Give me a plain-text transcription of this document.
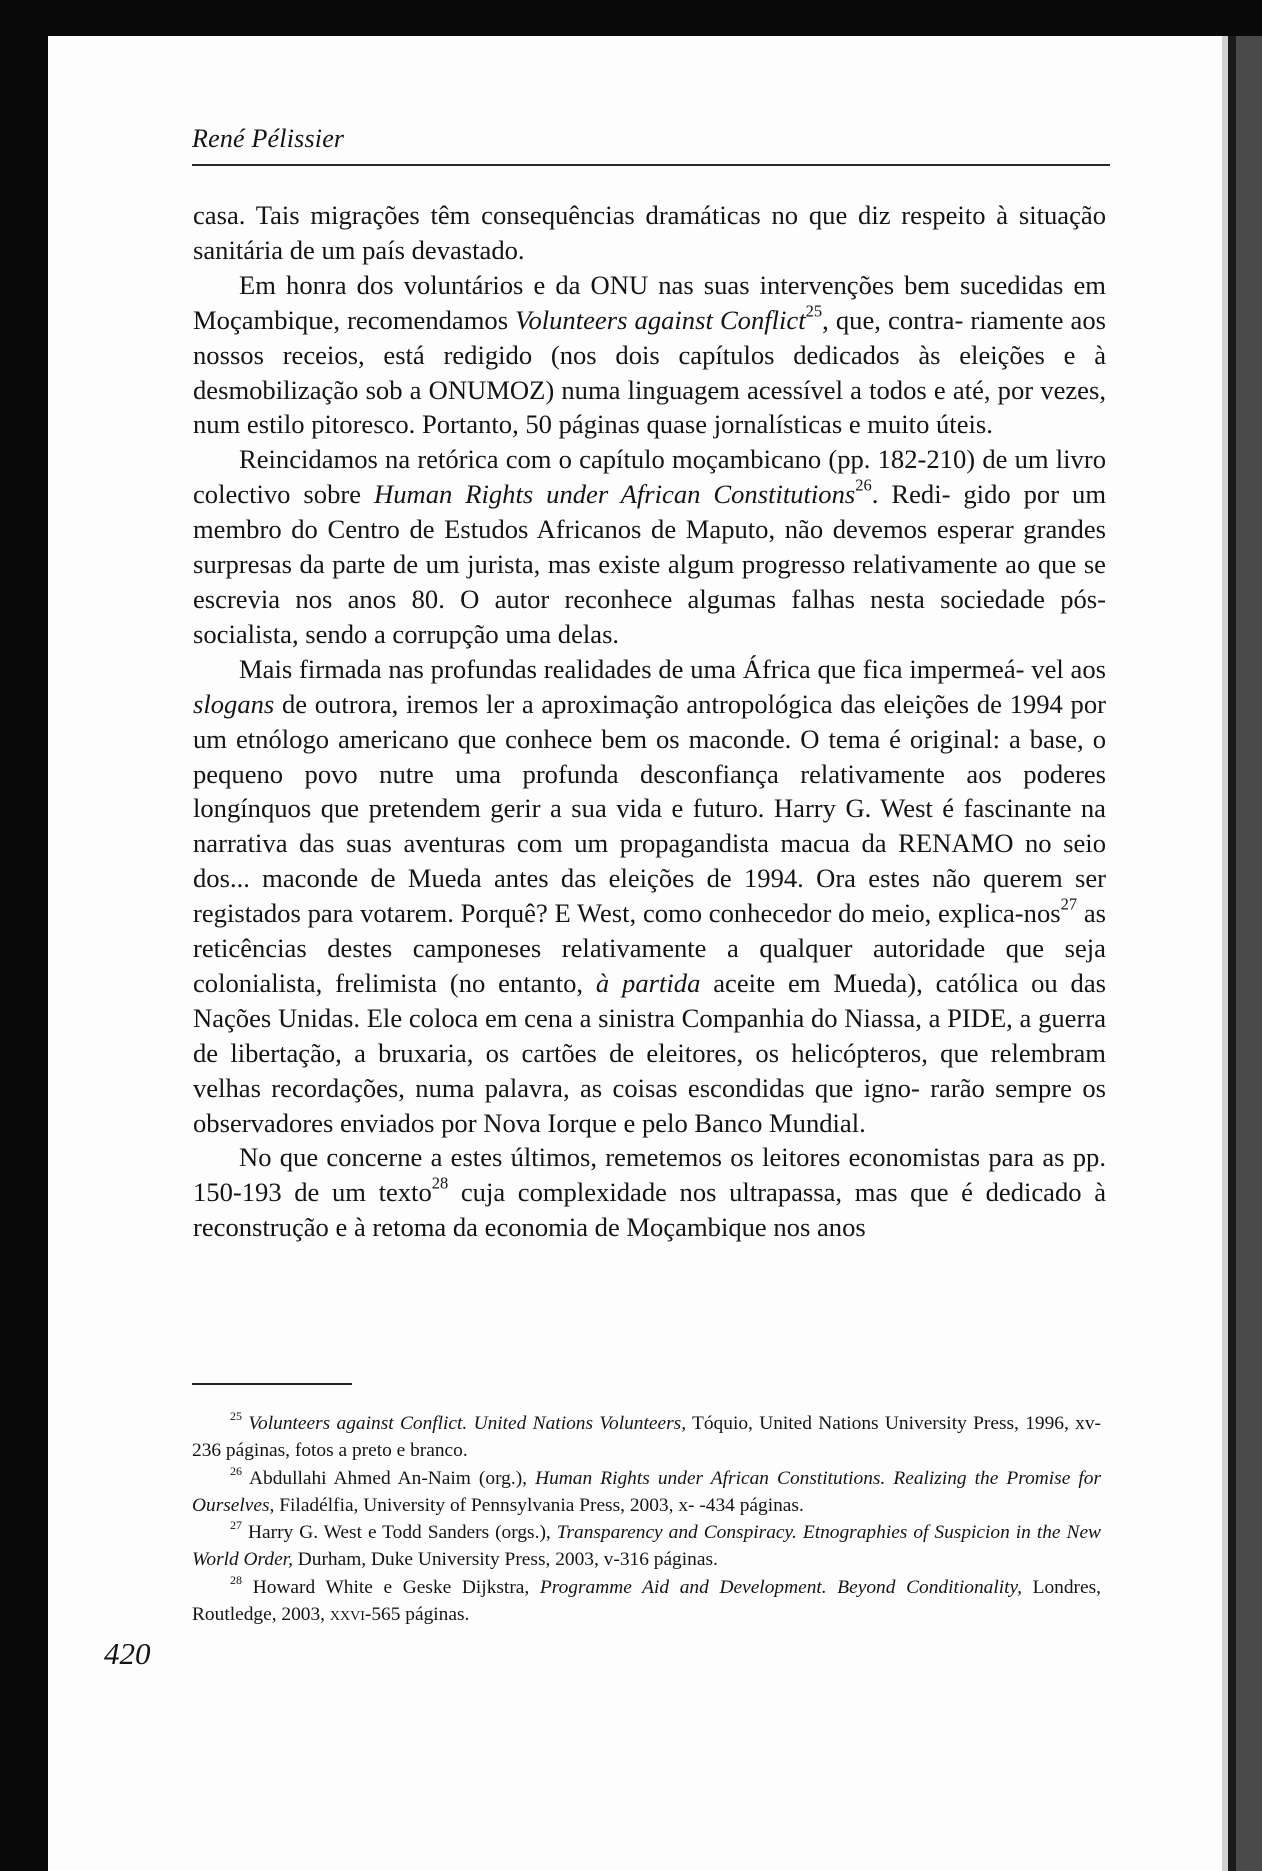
René Pélissier

casa. Tais migrações têm consequências dramáticas no que diz respeito à situação sanitária de um país devastado.

Em honra dos voluntários e da ONU nas suas intervenções bem sucedidas em Moçambique, recomendamos Volunteers against Conflict$^{25}$, que, contra- riamente aos nossos receios, está redigido (nos dois capítulos dedicados às eleições e à desmobilização sob a ONUMOZ) numa linguagem acessível a todos e até, por vezes, num estilo pitoresco. Portanto, 50 páginas quase jornalísticas e muito úteis.

Reincidamos na retórica com o capítulo moçambicano (pp. 182-210) de um livro colectivo sobre Human Rights under African Constitutions$^{26}$. Redi- gido por um membro do Centro de Estudos Africanos de Maputo, não devemos esperar grandes surpresas da parte de um jurista, mas existe algum progresso relativamente ao que se escrevia nos anos 80. O autor reconhece algumas falhas nesta sociedade pós-socialista, sendo a corrupção uma delas.

Mais firmada nas profundas realidades de uma África que fica impermeá- vel aos slogans de outrora, iremos ler a aproximação antropológica das eleições de 1994 por um etnólogo americano que conhece bem os maconde. O tema é original: a base, o pequeno povo nutre uma profunda desconfiança relativamente aos poderes longínquos que pretendem gerir a sua vida e futuro. Harry G. West é fascinante na narrativa das suas aventuras com um propagandista macua da RENAMO no seio dos... maconde de Mueda antes das eleições de 1994. Ora estes não querem ser registados para votarem. Porquê? E West, como conhecedor do meio, explica-nos$^{27}$ as reticências destes camponeses relativamente a qualquer autoridade que seja colonialista, frelimista (no entanto, à partida aceite em Mueda), católica ou das Nações Unidas. Ele coloca em cena a sinistra Companhia do Niassa, a PIDE, a guerra de libertação, a bruxaria, os cartões de eleitores, os helicópteros, que relembram velhas recordações, numa palavra, as coisas escondidas que igno- rarão sempre os observadores enviados por Nova Iorque e pelo Banco Mundial.

No que concerne a estes últimos, remetemos os leitores economistas para as pp. 150-193 de um texto$^{28}$ cuja complexidade nos ultrapassa, mas que é dedicado à reconstrução e à retoma da economia de Moçambique nos anos

$^{25}$ Volunteers against Conflict. United Nations Volunteers, Tóquio, United Nations University Press, 1996, xv-236 páginas, fotos a preto e branco.

$^{26}$ Abdullahi Ahmed An-Naim (org.), Human Rights under African Constitutions. Realizing the Promise for Ourselves, Filadélfia, University of Pennsylvania Press, 2003, x- -434 páginas.

$^{27}$ Harry G. West e Todd Sanders (orgs.), Transparency and Conspiracy. Etnographies of Suspicion in the New World Order, Durham, Duke University Press, 2003, v-316 páginas.

$^{28}$ Howard White e Geske Dijkstra, Programme Aid and Development. Beyond Conditionality, Londres, Routledge, 2003, xxvi-565 páginas.

420
